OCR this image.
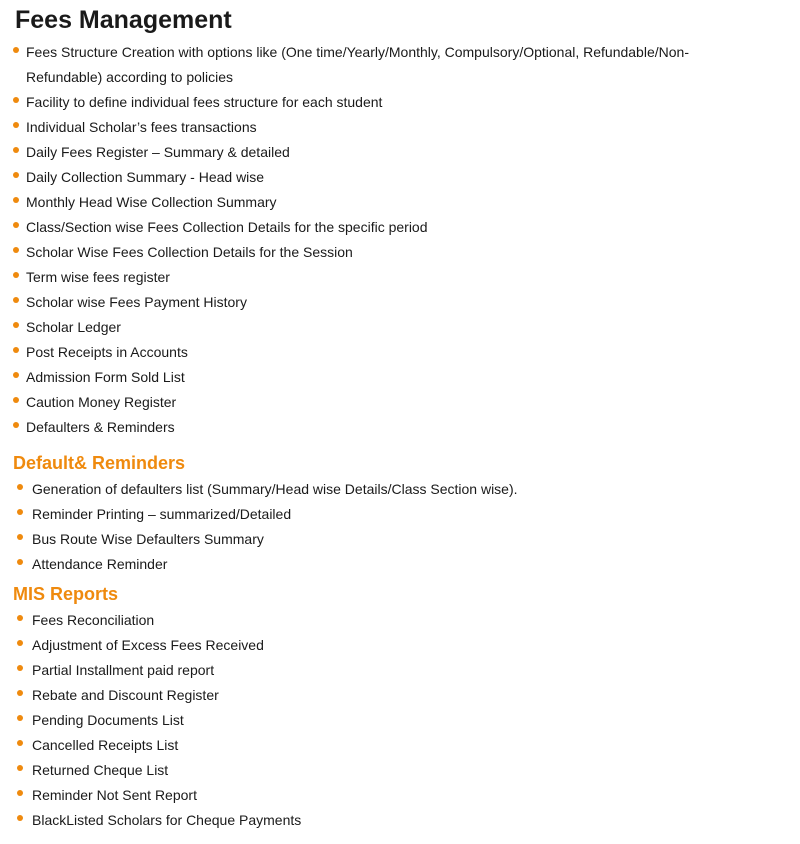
Fees Management
Fees Structure Creation with options like (One time/Yearly/Monthly, Compulsory/Optional, Refundable/Non-Refundable) according to policies
Facility to define individual fees structure for each student
Individual Scholar’s fees transactions
Daily Fees Register – Summary & detailed
Daily Collection Summary - Head wise
Monthly Head Wise Collection Summary
Class/Section wise Fees Collection Details for the specific period
Scholar Wise Fees Collection Details for the Session
Term wise fees register
Scholar wise Fees Payment History
Scholar Ledger
Post Receipts in Accounts
Admission Form Sold List
Caution Money Register
Defaulters & Reminders
Default& Reminders
Generation of defaulters list (Summary/Head wise Details/Class Section wise).
Reminder Printing – summarized/Detailed
Bus Route Wise Defaulters Summary
Attendance Reminder
MIS Reports
Fees Reconciliation
Adjustment of Excess Fees Received
Partial Installment paid report
Rebate and Discount Register
Pending Documents List
Cancelled Receipts List
Returned Cheque List
Reminder Not Sent Report
BlackListed Scholars for Cheque Payments
